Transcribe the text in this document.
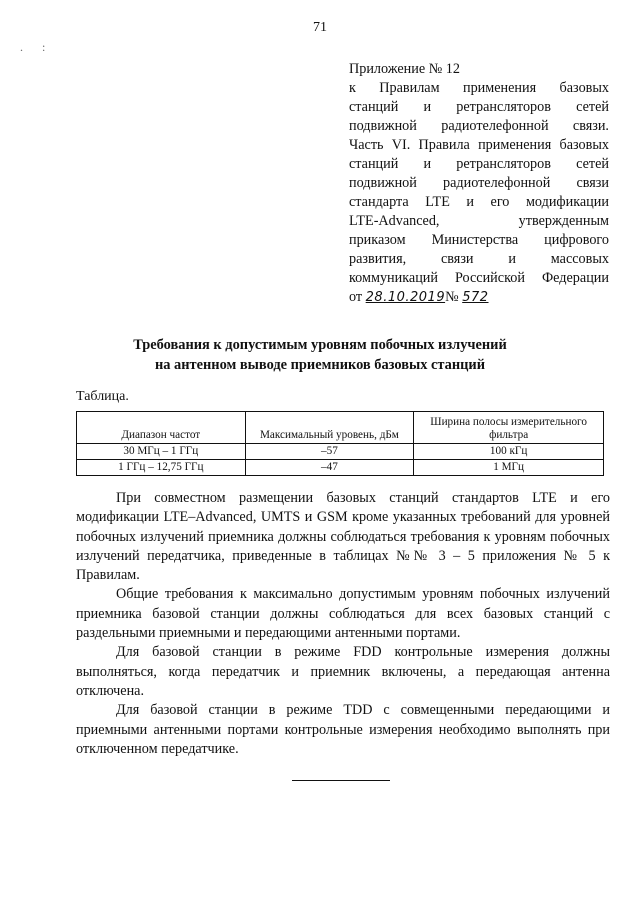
71
. :
Приложение № 12
к Правилам применения базовых
станций и ретрансляторов сетей
подвижной радиотелефонной связи.
Часть VI. Правила применения базовых
станций и ретрансляторов сетей
подвижной радиотелефонной связи
стандарта LTE и его модификации
LTE-Advanced,	утвержденным
приказом Министерства цифрового
развития, связи и массовых
коммуникаций Российской Федерации
от 28.10.2019№ 572
Требования к допустимым уровням побочных излучений
на антенном выводе приемников базовых станций
Таблица.
Диапазон частот	Максимальный уровень, дБм	Ширина полосы измерительного фильтра
30 МГц – 1 ГГц	–57	100 кГц
1 ГГц – 12,75 ГГц	–47	1 МГц

При совместном размещении базовых станций стандартов LTE и его модификации LTE–Advanced, UMTS и GSM кроме указанных требований для уровней побочных излучений приемника должны соблюдаться требования к уровням побочных излучений передатчика, приведенные в таблицах №№ 3 – 5 приложения № 5 к Правилам.

Общие требования к максимально допустимым уровням побочных излучений приемника базовой станции должны соблюдаться для всех базовых станций с раздельными приемными и передающими антенными портами.

Для базовой станции в режиме FDD контрольные измерения должны выполняться, когда передатчик и приемник включены, а передающая антенна отключена.

Для базовой станции в режиме TDD с совмещенными передающими и приемными антенными портами контрольные измерения необходимо выполнять при отключенном передатчике.
